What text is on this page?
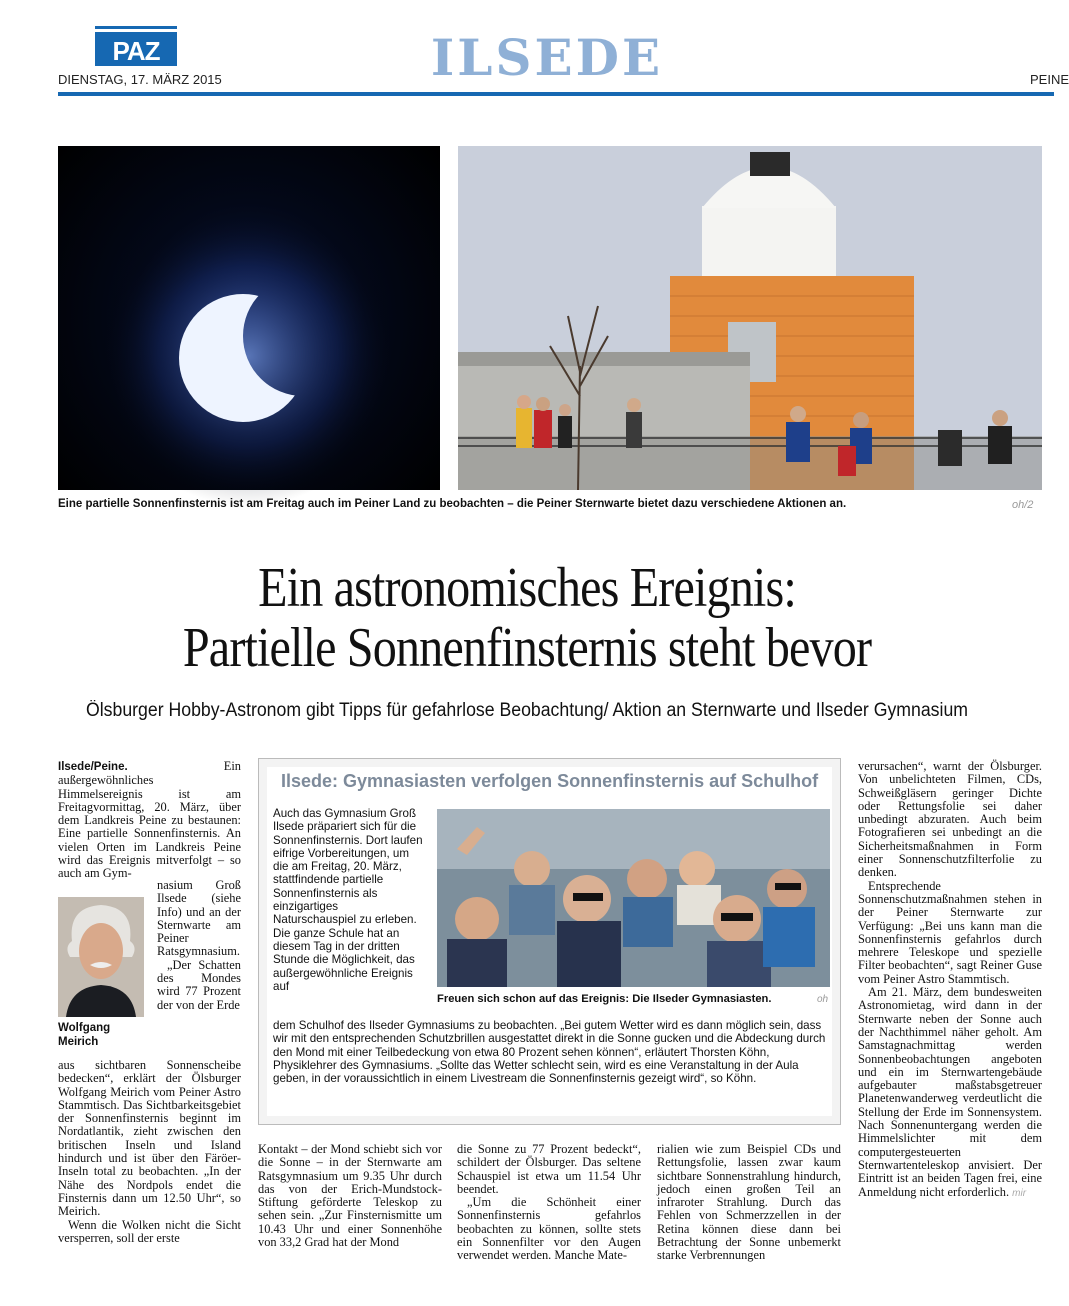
PAZ
DIENSTAG, 17. MÄRZ 2015	ILSEDE	PEINE
Eine partielle Sonnenfinsternis ist am Freitag auch im Peiner Land zu beobachten – die Peiner Sternwarte bietet dazu verschiedene Aktionen an.	oh/2
Ein astronomisches Ereignis:
Partielle Sonnenfinsternis steht bevor
Ölsburger Hobby-Astronom gibt Tipps für gefahrlose Beobachtung/ Aktion an Sternwarte und Ilseder Gymnasium

Ilsede/Peine.	Ein außergewöhnliches Himmelsereignis ist am Freitagvormittag, 20. März, über dem Landkreis Peine zu bestaunen: Eine partielle Sonnenfinsternis. An vielen Orten im Landkreis Peine wird das Ereignis mitverfolgt – so auch am Gym-

nasium Groß Ilsede (siehe Info) und an der Sternwarte am Peiner Ratsgymnasium.

„Der Schatten des Mondes wird 77 Prozent der von der Erde

Wolfgang
Meirich

aus sichtbaren Sonnenscheibe bedecken“, erklärt der Ölsburger Wolfgang Meirich vom Peiner Astro Stammtisch. Das Sichtbarkeitsgebiet der Sonnenfinsternis beginnt im Nordatlantik, zieht zwischen den britischen Inseln und Island hindurch und ist über den Färöer-Inseln total zu beobachten. „In der Nähe des Nordpols endet die Finsternis dann um 12.50 Uhr“, so Meirich.

Wenn die Wolken nicht die Sicht versperren, soll der erste

Ilsede: Gymnasiasten verfolgen Sonnenfinsternis auf Schulhof
Auch das Gymnasium Groß Ilsede präpariert sich für die Sonnenfinsternis. Dort laufen eifrige Vorbereitungen, um die am Freitag, 20. März, stattfindende partielle Sonnenfinsternis als einzigartiges Naturschauspiel zu erleben. Die ganze Schule hat an diesem Tag in der dritten Stunde die Möglichkeit, das außergewöhnliche Ereignis auf
Freuen sich schon auf das Ereignis: Die Ilseder Gymnasiasten.	oh
dem Schulhof des Ilseder Gymnasiums zu beobachten. „Bei gutem Wetter wird es dann möglich sein, dass wir mit den entsprechenden Schutzbrillen ausgestattet direkt in die Sonne gucken und die Abdeckung durch den Mond mit einer Teilbedeckung von etwa 80 Prozent sehen können“, erläutert Thorsten Köhn, Physiklehrer des Gymnasiums. „Sollte das Wetter schlecht sein, wird es eine Veranstaltung in der Aula geben, in der voraussichtlich in einem Livestream die Sonnenfinsternis gezeigt wird“, so Köhn.

Kontakt – der Mond schiebt sich vor die Sonne – in der Sternwarte am Ratsgymnasium um 9.35 Uhr durch das von der Erich-Mundstock-Stiftung geförderte Teleskop zu sehen sein. „Zur Finsternismitte um 10.43 Uhr und einer Sonnenhöhe von 33,2 Grad hat der Mond

die Sonne zu 77 Prozent bedeckt“, schildert der Ölsburger. Das seltene Schauspiel ist etwa um 11.54 Uhr beendet.

„Um die Schönheit einer Sonnenfinsternis gefahrlos beobachten zu können, sollte stets ein Sonnenfilter vor den Augen verwendet werden. Manche Mate-

rialien wie zum Beispiel CDs und Rettungsfolie, lassen zwar kaum sichtbare Sonnenstrahlung hindurch, jedoch einen großen Teil an infraroter Strahlung. Durch das Fehlen von Schmerzzellen in der Retina können diese dann bei Betrachtung der Sonne unbemerkt starke Verbrennungen

verursachen“, warnt der Ölsburger. Von unbelichteten Filmen, CDs, Schweißgläsern geringer Dichte oder Rettungsfolie sei daher unbedingt abzuraten. Auch beim Fotografieren sei unbedingt an die Sicherheitsmaßnahmen in Form einer Sonnenschutzfilterfolie zu denken.

Entsprechende Sonnenschutzmaßnahmen stehen in der Peiner Sternwarte zur Verfügung: „Bei uns kann man die Sonnenfinsternis gefahrlos durch mehrere Teleskope und spezielle Filter beobachten“, sagt Reiner Guse vom Peiner Astro Stammtisch.

Am 21. März, dem bundesweiten Astronomietag, wird dann in der Sternwarte neben der Sonne auch der Nachthimmel näher geholt. Am Samstagnachmittag werden Sonnenbeobachtungen angeboten und ein im Sternwartengebäude aufgebauter maßstabsgetreuer Planetenwanderweg verdeutlicht die Stellung der Erde im Sonnensystem. Nach Sonnenuntergang werden die Himmelslichter mit dem computergesteuerten Sternwartenteleskop anvisiert. Der Eintritt ist an beiden Tagen frei, eine Anmeldung nicht erforderlich. mir
